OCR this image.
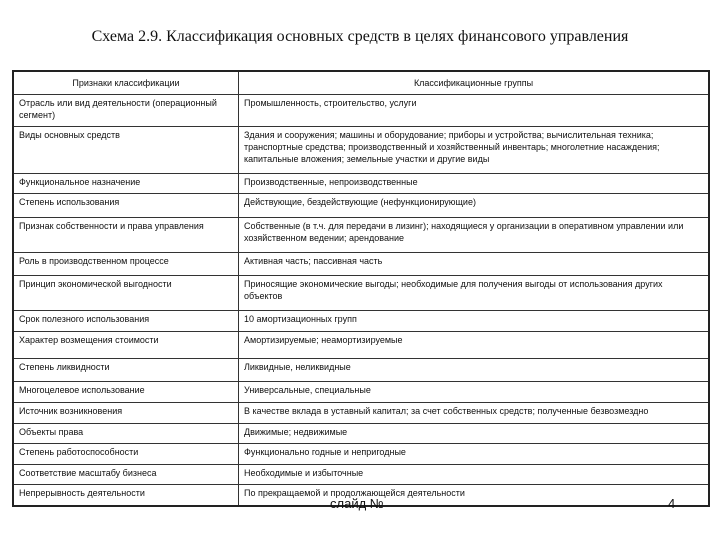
Схема 2.9. Классификация основных средств в целях финансового управления
Признаки классификации	Классификационные группы
Отрасль или вид деятельности (операционный сегмент)	Промышленность, строительство, услуги
Виды основных средств	Здания и сооружения; машины и оборудование; приборы и устройства; вычислительная техника; транспортные средства; производственный и хозяйственный инвентарь; многолетние насаждения; капитальные вложения; земельные участки и другие виды
Функциональное назначение	Производственные, непроизводственные
Степень использования	Действующие, бездействующие (нефункционирующие)
Признак собственности и права управления	Собственные (в т.ч. для передачи в лизинг); находящиеся у организации в оперативном управлении или хозяйственном ведении; арендование
Роль в производственном процессе	Активная часть; пассивная часть
Принцип экономической выгодности	Приносящие экономические выгоды; необходимые для получения выгоды от использования других объектов
Срок полезного использования	10 амортизационных групп
Характер возмещения стоимости	Амортизируемые; неамортизируемые
Степень ликвидности	Ликвидные, неликвидные
Многоцелевое использование	Универсальные, специальные
Источник возникновения	В качестве вклада в уставный капитал; за счет собственных средств; полученные безвозмездно
Объекты права	Движимые; недвижимые
Степень работоспособности	Функционально годные и непригодные
Соответствие масштабу бизнеса	Необходимые и избыточные
Непрерывность деятельности	По прекращаемой и продолжающейся деятельности
слайд №	4
